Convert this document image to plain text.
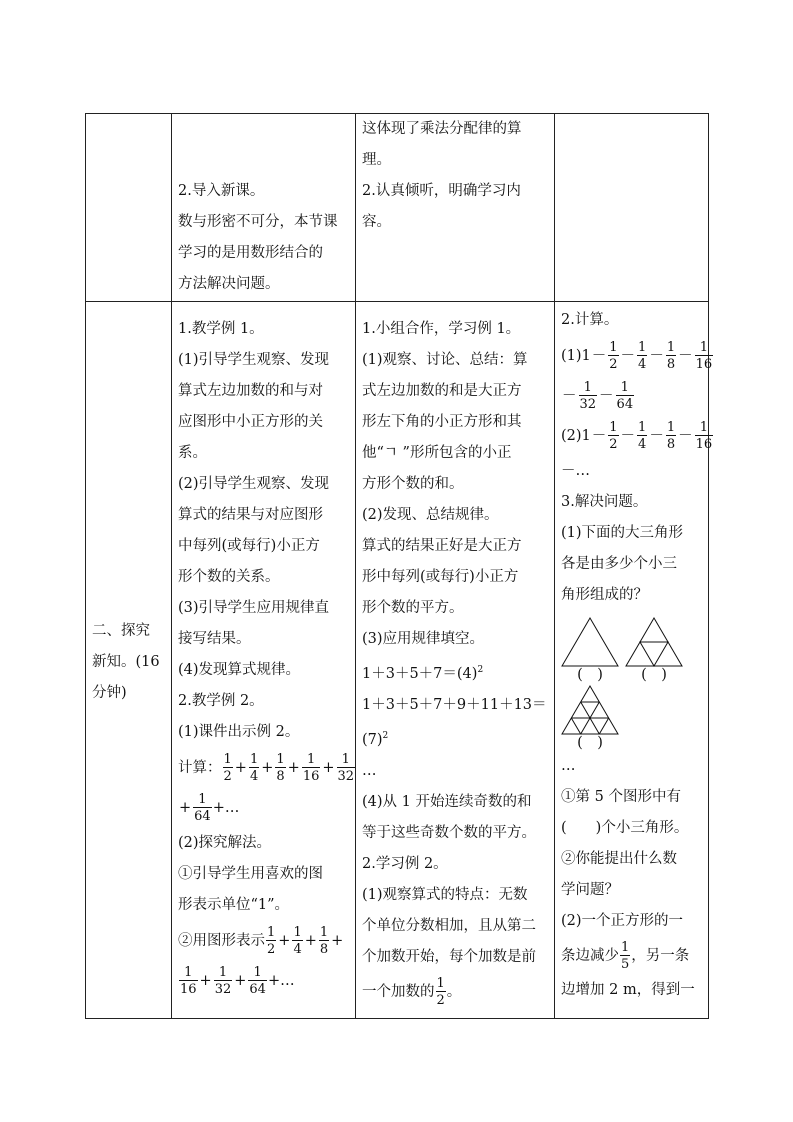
2.导入新课。

数与形密不可分，本节课

学习的是用数形结合的

方法解决问题。

这体现了乘法分配律的算

理。

2.认真倾听，明确学习内

容。

二、探究

新知。(16

分钟)

1.教学例 1。

(1)引导学生观察、发现

算式左边加数的和与对

应图形中小正方形的关

系。

(2)引导学生观察、发现

算式的结果与对应图形

中每列(或每行)小正方

形个数的关系。

(3)引导学生应用规律直

接写结果。

(4)发现算式规律。

2.教学例 2。

(1)课件出示例 2。

计算： $\frac{1}{2} + \frac{1}{4} + \frac{1}{8} + \frac{1}{16} + \frac{1}{32}$

+ $\frac{1}{64}$ +…

(2)探究解法。

①引导学生用喜欢的图

形表示单位“1”。

②用图形表示 $\frac{1}{2} + \frac{1}{4} + \frac{1}{8}$ +

$\frac{1}{16} + \frac{1}{32} + \frac{1}{64}$ +…

1.小组合作，学习例 1。

(1)观察、讨论、总结：算

式左边加数的和是大正方

形左下角的小正方形和其

他“ㄱ ”形所包含的小正

方形个数的和。

(2)发现、总结规律。

算式的结果正好是大正方

形中每列(或每行)小正方

形个数的平方。

(3)应用规律填空。

$1+3+5+7=(4)^2$

1＋3＋5＋7＋9＋11＋13＝

$(7)^2$

…

(4)从 1 开始连续奇数的和

等于这些奇数个数的平方。

2.学习例 2。

(1)观察算式的特点：无数

个单位分数相加，且从第二

个加数开始，每个加数是前

一个加数的 $\frac{1}{2}$ 。

2.计算。

$(1)1- \frac{1}{2} - \frac{1}{4} - \frac{1}{8} - \frac{1}{16}$

－ $\frac{1}{32} - \frac{1}{64}$

$(2)1- \frac{1}{2} - \frac{1}{4} - \frac{1}{8} - \frac{1}{16}$

－…

3.解决问题。

(1)下面的大三角形

各是由多少个小三

角形组成的？

(　)	(　)
(　)

…

①第 5 个图形中有

(　　)个小三角形。

②你能提出什么数

学问题？

(2)一个正方形的一

条边减少 $\frac{1}{5}$ ，另一条

边增加 2 m，得到一
